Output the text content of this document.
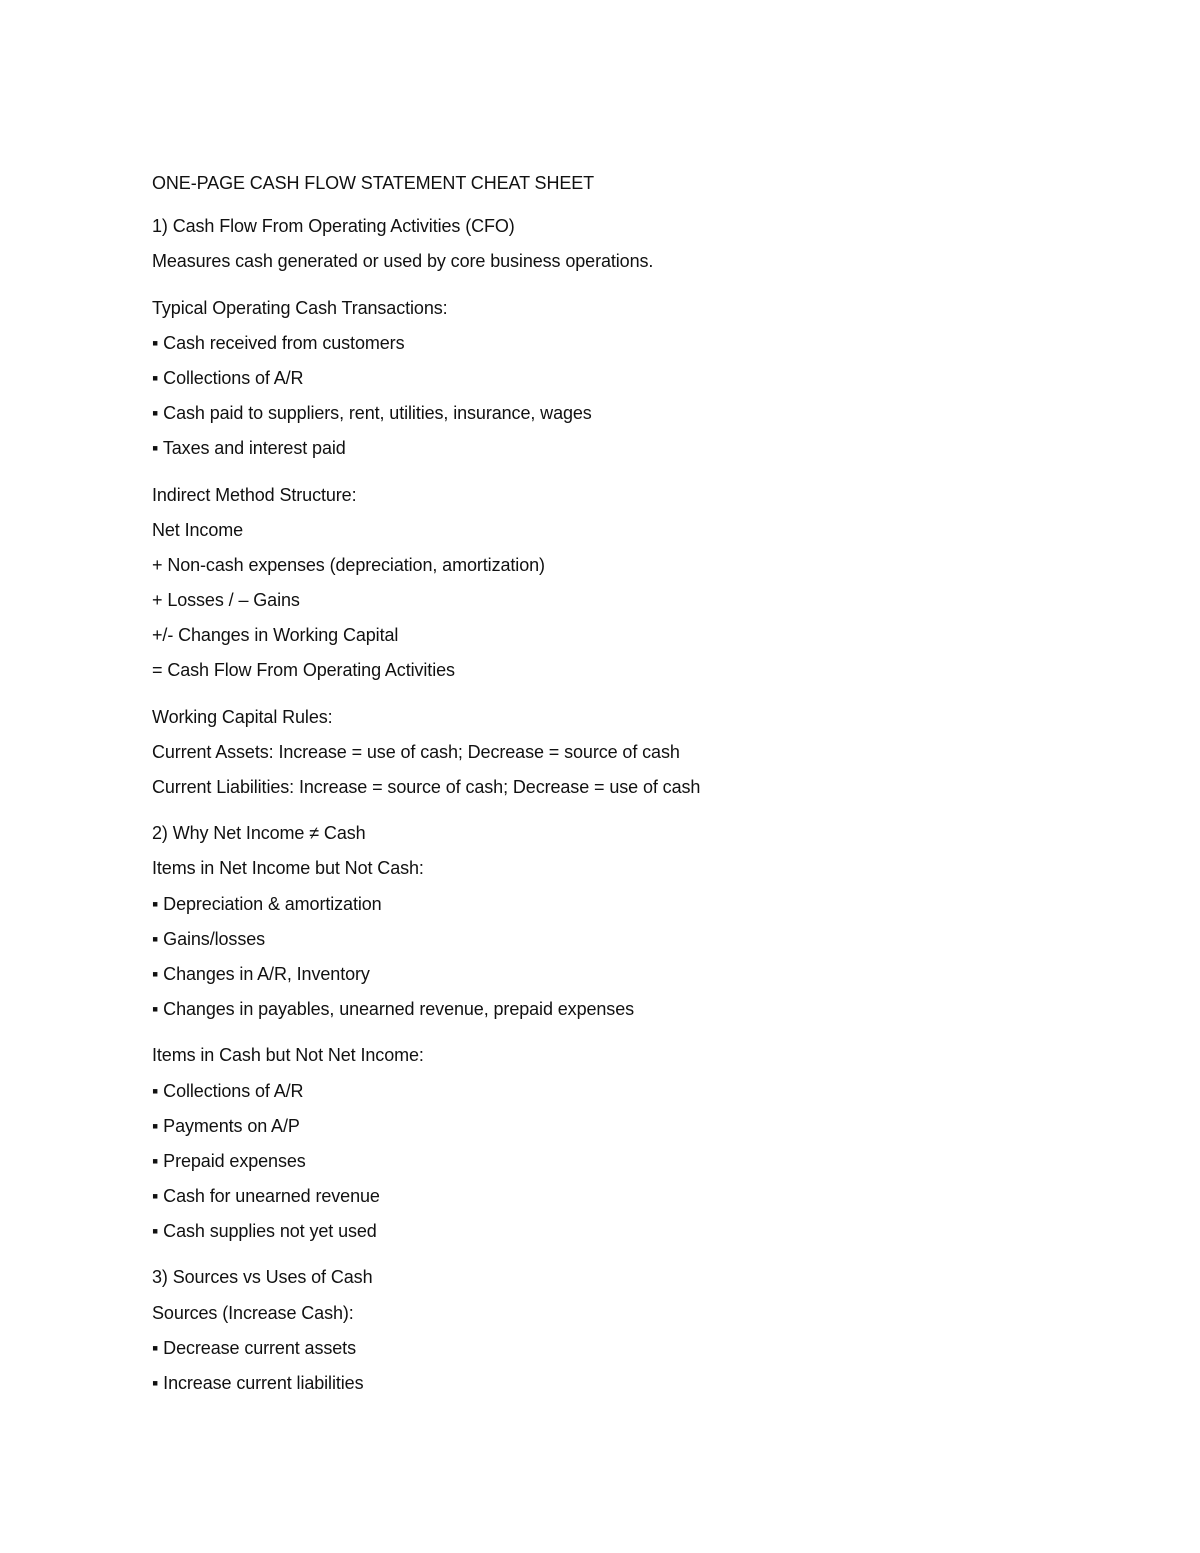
ONE-PAGE CASH FLOW STATEMENT CHEAT SHEET
1) Cash Flow From Operating Activities (CFO)
Measures cash generated or used by core business operations.
Typical Operating Cash Transactions:
▪ Cash received from customers
▪ Collections of A/R
▪ Cash paid to suppliers, rent, utilities, insurance, wages
▪ Taxes and interest paid
Indirect Method Structure:
Net Income
+ Non-cash expenses (depreciation, amortization)
+ Losses / – Gains
+/- Changes in Working Capital
= Cash Flow From Operating Activities
Working Capital Rules:
Current Assets: Increase = use of cash; Decrease = source of cash
Current Liabilities: Increase = source of cash; Decrease = use of cash
2) Why Net Income ≠ Cash
Items in Net Income but Not Cash:
▪ Depreciation & amortization
▪ Gains/losses
▪ Changes in A/R, Inventory
▪ Changes in payables, unearned revenue, prepaid expenses
Items in Cash but Not Net Income:
▪ Collections of A/R
▪ Payments on A/P
▪ Prepaid expenses
▪ Cash for unearned revenue
▪ Cash supplies not yet used
3) Sources vs Uses of Cash
Sources (Increase Cash):
▪ Decrease current assets
▪ Increase current liabilities
